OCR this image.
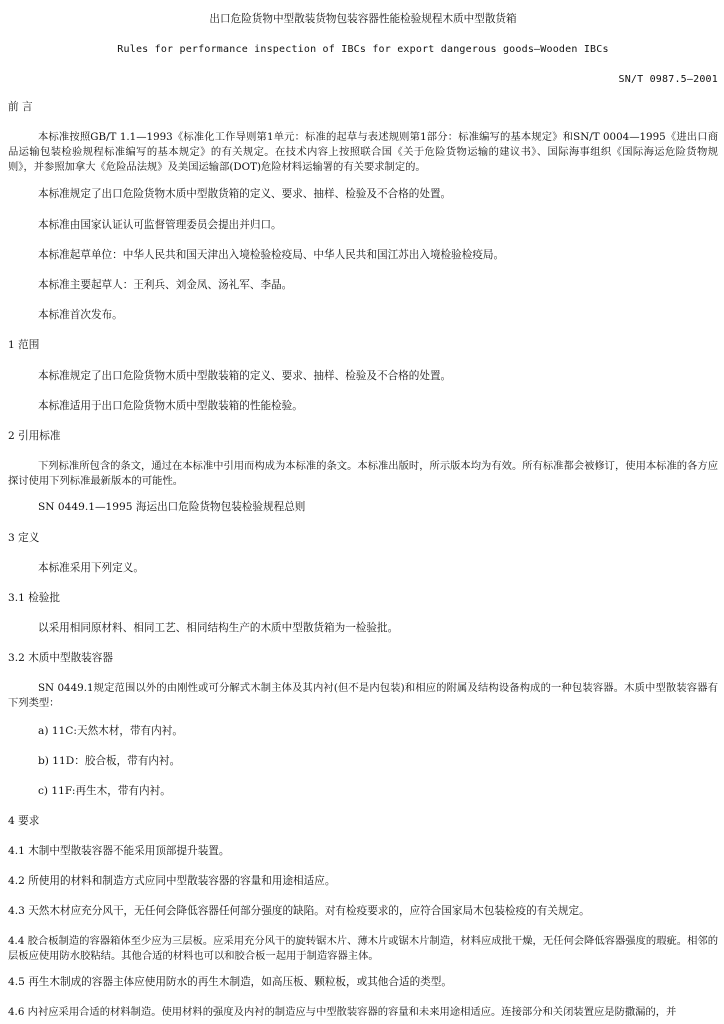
出口危险货物中型散装货物包装容器性能检验规程木质中型散货箱

Rules for performance inspection of IBCs for export dangerous goods—Wooden IBCs

SN/T 0987.5—2001

前 言

本标准按照GB/T 1.1—1993《标准化工作导则第1单元：标准的起草与表述规则第1部分：标准编写的基本规定》和SN/T 0004—1995《进出口商品运输包装检验规程标准编写的基本规定》的有关规定。在技术内容上按照联合国《关于危险货物运输的建议书》、国际海事组织《国际海运危险货物规则》，并参照加拿大《危险品法规》及美国运输部(DOT)危险材料运输署的有关要求制定的。

本标准规定了出口危险货物木质中型散货箱的定义、要求、抽样、检验及不合格的处置。

本标准由国家认证认可监督管理委员会提出并归口。

本标准起草单位：中华人民共和国天津出入境检验检疫局、中华人民共和国江苏出入境检验检疫局。

本标准主要起草人：王利兵、刘金凤、汤礼军、李晶。

本标准首次发布。

1 范围

本标准规定了出口危险货物木质中型散装箱的定义、要求、抽样、检验及不合格的处置。

本标准适用于出口危险货物木质中型散装箱的性能检验。

2 引用标准

下列标准所包含的条文，通过在本标准中引用而构成为本标准的条文。本标准出版时，所示版本均为有效。所有标准都会被修订，使用本标准的各方应探讨使用下列标准最新版本的可能性。

SN 0449.1—1995 海运出口危险货物包装检验规程总则

3 定义

本标准采用下列定义。

3.1 检验批

以采用相同原材料、相同工艺、相同结构生产的木质中型散货箱为一检验批。

3.2 木质中型散装容器

SN 0449.1规定范围以外的由刚性或可分解式木制主体及其内衬(但不是内包装)和相应的附属及结构设备构成的一种包装容器。木质中型散装容器有下列类型：

a) 11C:天然木材，带有内衬。

b) 11D：胶合板，带有内衬。

c) 11F:再生木，带有内衬。

4 要求

4.1 木制中型散装容器不能采用顶部提升装置。

4.2 所使用的材料和制造方式应同中型散装容器的容量和用途相适应。

4.3 天然木材应充分风干，无任何会降低容器任何部分强度的缺陷。对有检疫要求的，应符合国家局木包装检疫的有关规定。

4.4 胶合板制造的容器箱体至少应为三层板。应采用充分风干的旋转锯木片、薄木片或锯木片制造，材料应成批干燥，无任何会降低容器强度的瑕疵。相邻的层板应使用防水胶粘结。其他合适的材料也可以和胶合板一起用于制造容器主体。

4.5 再生木制成的容器主体应使用防水的再生木制造，如高压板、颗粒板，或其他合适的类型。

4.6 内衬应采用合适的材料制造。使用材料的强度及内衬的制造应与中型散装容器的容量和未来用途相适应。连接部分和关闭装置应是防撒漏的，并
